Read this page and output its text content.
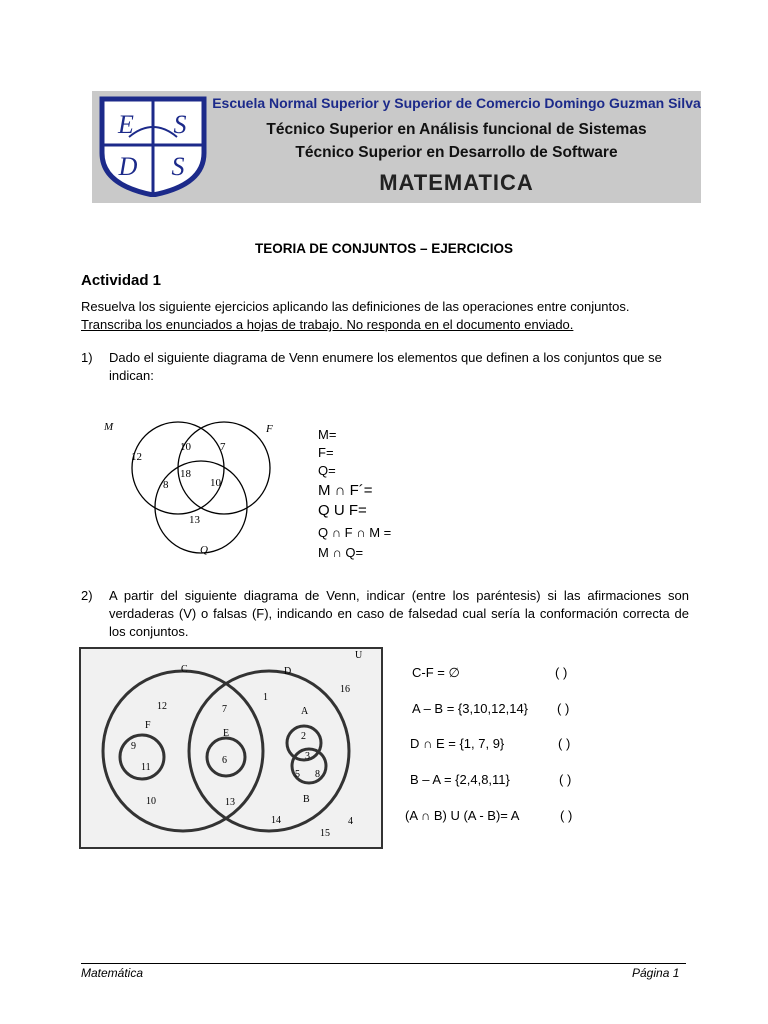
E S
D S
Escuela Normal Superior y Superior de Comercio Domingo Guzman Silva
Técnico Superior en Análisis funcional de Sistemas
Técnico Superior en Desarrollo de Software
MATEMATICA
TEORIA DE CONJUNTOS – EJERCICIOS
Actividad 1
Resuelva los siguiente ejercicios aplicando las definiciones de las operaciones entre conjuntos.
Transcriba los enunciados a hojas de trabajo. No responda en el documento enviado.
1) Dado el siguiente diagrama de Venn enumere los elementos que definen a los conjuntos que se indican:
M	F
Q
12
10	7
18
8	10
13
M=
F=
Q=
M ∩ F´=
Q U F=
Q ∩ F ∩ M =
M ∩ Q=
2) A partir del siguiente diagrama de Venn, indicar (entre los paréntesis) si las afirmaciones son verdaderas (V) o falsas (F), indicando en caso de falsedad cual sería la conformación correcta de los conjuntos.
U
C	D
F
E
A
B
12
9
11
10
7
6
13
1
16
2
3
5 8
14
15
4
C-F = ∅	( )
A – B = {3,10,12,14} ( )
D ∩ E = {1, 7, 9}	( )
B – A = {2,4,8,11}	( )
(A ∩ B) U (A - B)= A	( )
Matemática	Página 1
